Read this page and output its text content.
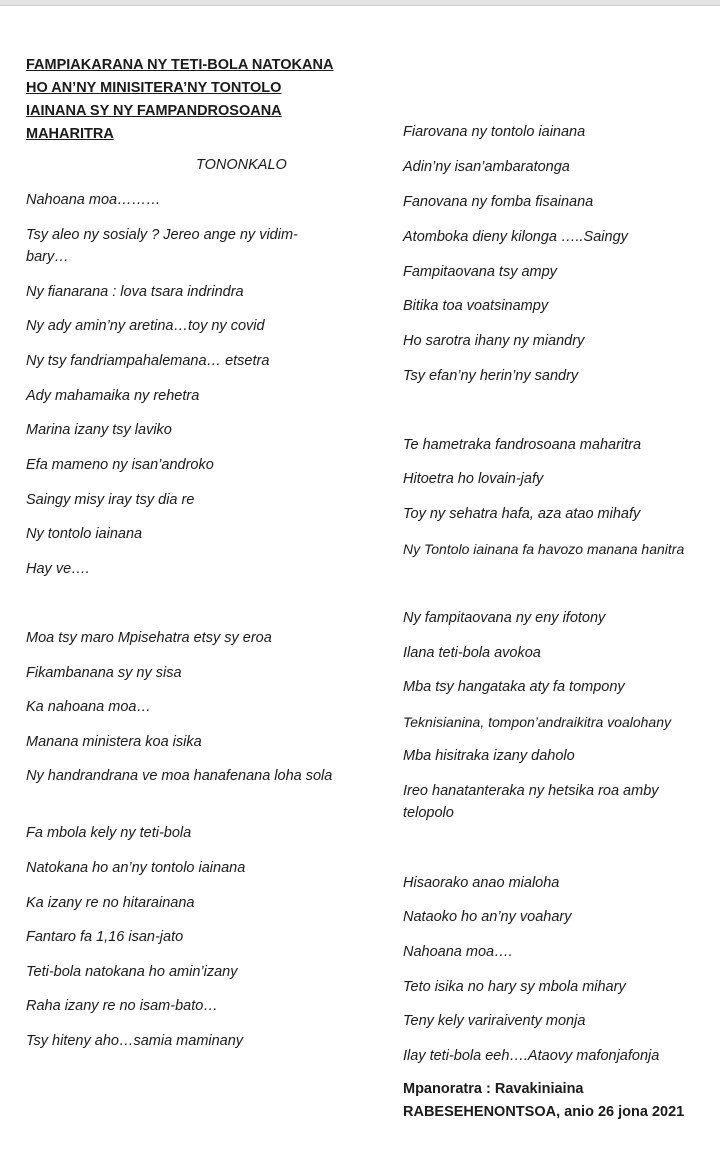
FAMPIAKARANA NY TETI-BOLA NATOKANA
HO AN’NY MINISITERA’NY TONTOLO
IAINANA SY NY FAMPANDROSOANA
MAHARITRA
TONONKALO
Nahoana moa………
Tsy aleo ny sosialy ? Jereo ange ny vidim-bary…
Ny fianarana : lova tsara indrindra
Ny ady amin’ny aretina…toy ny covid
Ny tsy fandriampahalemana… etsetra
Ady mahamaika ny rehetra
Marina izany tsy laviko
Efa mameno ny isan’androko
Saingy misy iray tsy dia re
Ny tontolo iainana
Hay ve….
Moa tsy maro Mpisehatra etsy sy eroa
Fikambanana sy ny sisa
Ka nahoana moa…
Manana ministera koa isika
Ny handrandrana ve moa hanafenana loha sola
Fa mbola kely ny teti-bola
Natokana ho an’ny tontolo iainana
Ka izany re no hitarainana
Fantaro fa 1,16 isan-jato
Teti-bola natokana ho amin’izany
Raha izany re no isam-bato…
Tsy hiteny aho…samia maminany
Fiarovana ny tontolo iainana
Adin’ny isan’ambaratonga
Fanovana ny fomba fisainana
Atomboka dieny kilonga …..Saingy
Fampitaovana tsy ampy
Bitika toa voatsinampy
Ho sarotra ihany ny miandry
Tsy efan’ny herin’ny sandry
Te hametraka fandrosoana maharitra
Hitoetra ho lovain-jafy
Toy ny sehatra hafa, aza atao mihafy
Ny Tontolo iainana fa havozo manana hanitra
Ny fampitaovana ny eny ifotony
Ilana teti-bola avokoa
Mba tsy hangataka aty fa tompony
Teknisianina, tompon’andraikitra voalohany
Mba hisitraka izany daholo
Ireo hanatanteraka ny hetsika roa amby telopolo
Hisaorako anao mialoha
Nataoko ho an’ny voahary
Nahoana moa….
Teto isika no hary sy mbola mihary
Teny kely variraiventy monja
Ilay teti-bola eeh….Ataovy mafonjafonja
Mpanoratra : Ravakiniaina
RABESEHENONTSOA, anio 26 jona 2021
